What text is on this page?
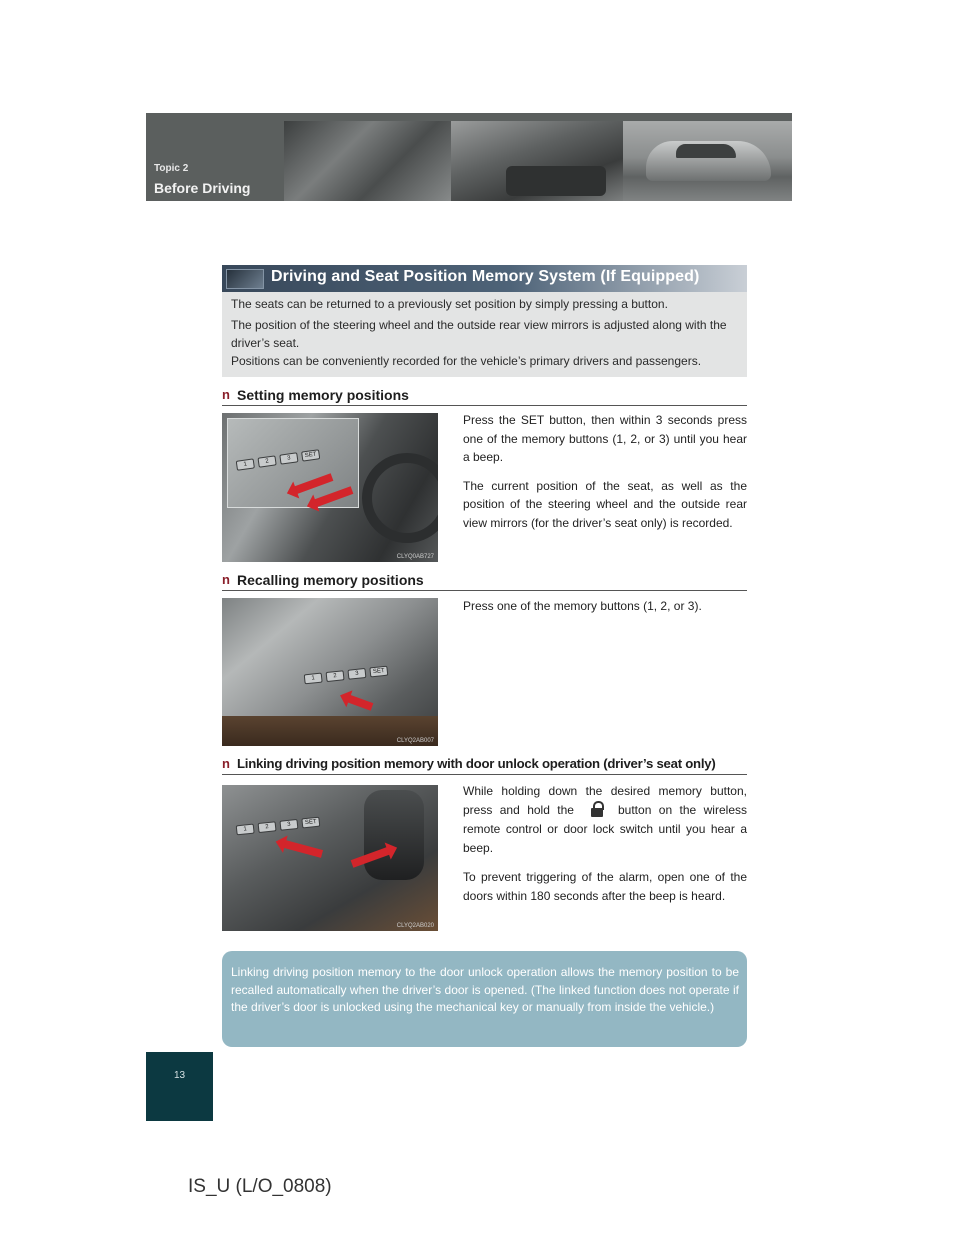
Topic 2
Before Driving
Driving and Seat Position Memory System (If Equipped)

The seats can be returned to a previously set position by simply pressing a button.

The position of the steering wheel and the outside rear view mirrors is adjusted along with the

driver’s seat.

Positions can be conveniently recorded for the vehicle’s primary drivers and passengers.

n Setting memory positions
1	2	3	SET
CLYQ0AB727

Press the SET button, then within 3 seconds press one of the memory buttons (1, 2, or 3) until you hear a beep.

The current position of the seat, as well as the position of the steering wheel and the outside rear view mirrors (for the driver’s seat only) is recorded.

n Recalling memory positions
1	2	3	SET
CLYQ2AB007

Press one of the memory buttons (1, 2, or 3).

n Linking driving position memory with door unlock operation (driver’s seat only)
1	2	3	SET
CLYQ2AB020

While holding down the desired memory button, press and hold the	button on the wireless remote control or door lock switch until you hear a beep.

To prevent triggering of the alarm, open one of the doors within 180 seconds after the beep is heard.

Linking driving position memory to the door unlock operation allows the memory position to be recalled automatically when the driver’s door is opened. (The linked function does not operate if the driver’s door is unlocked using the mechanical key or manually from inside the vehicle.)

13
IS_U (L/O_0808)
